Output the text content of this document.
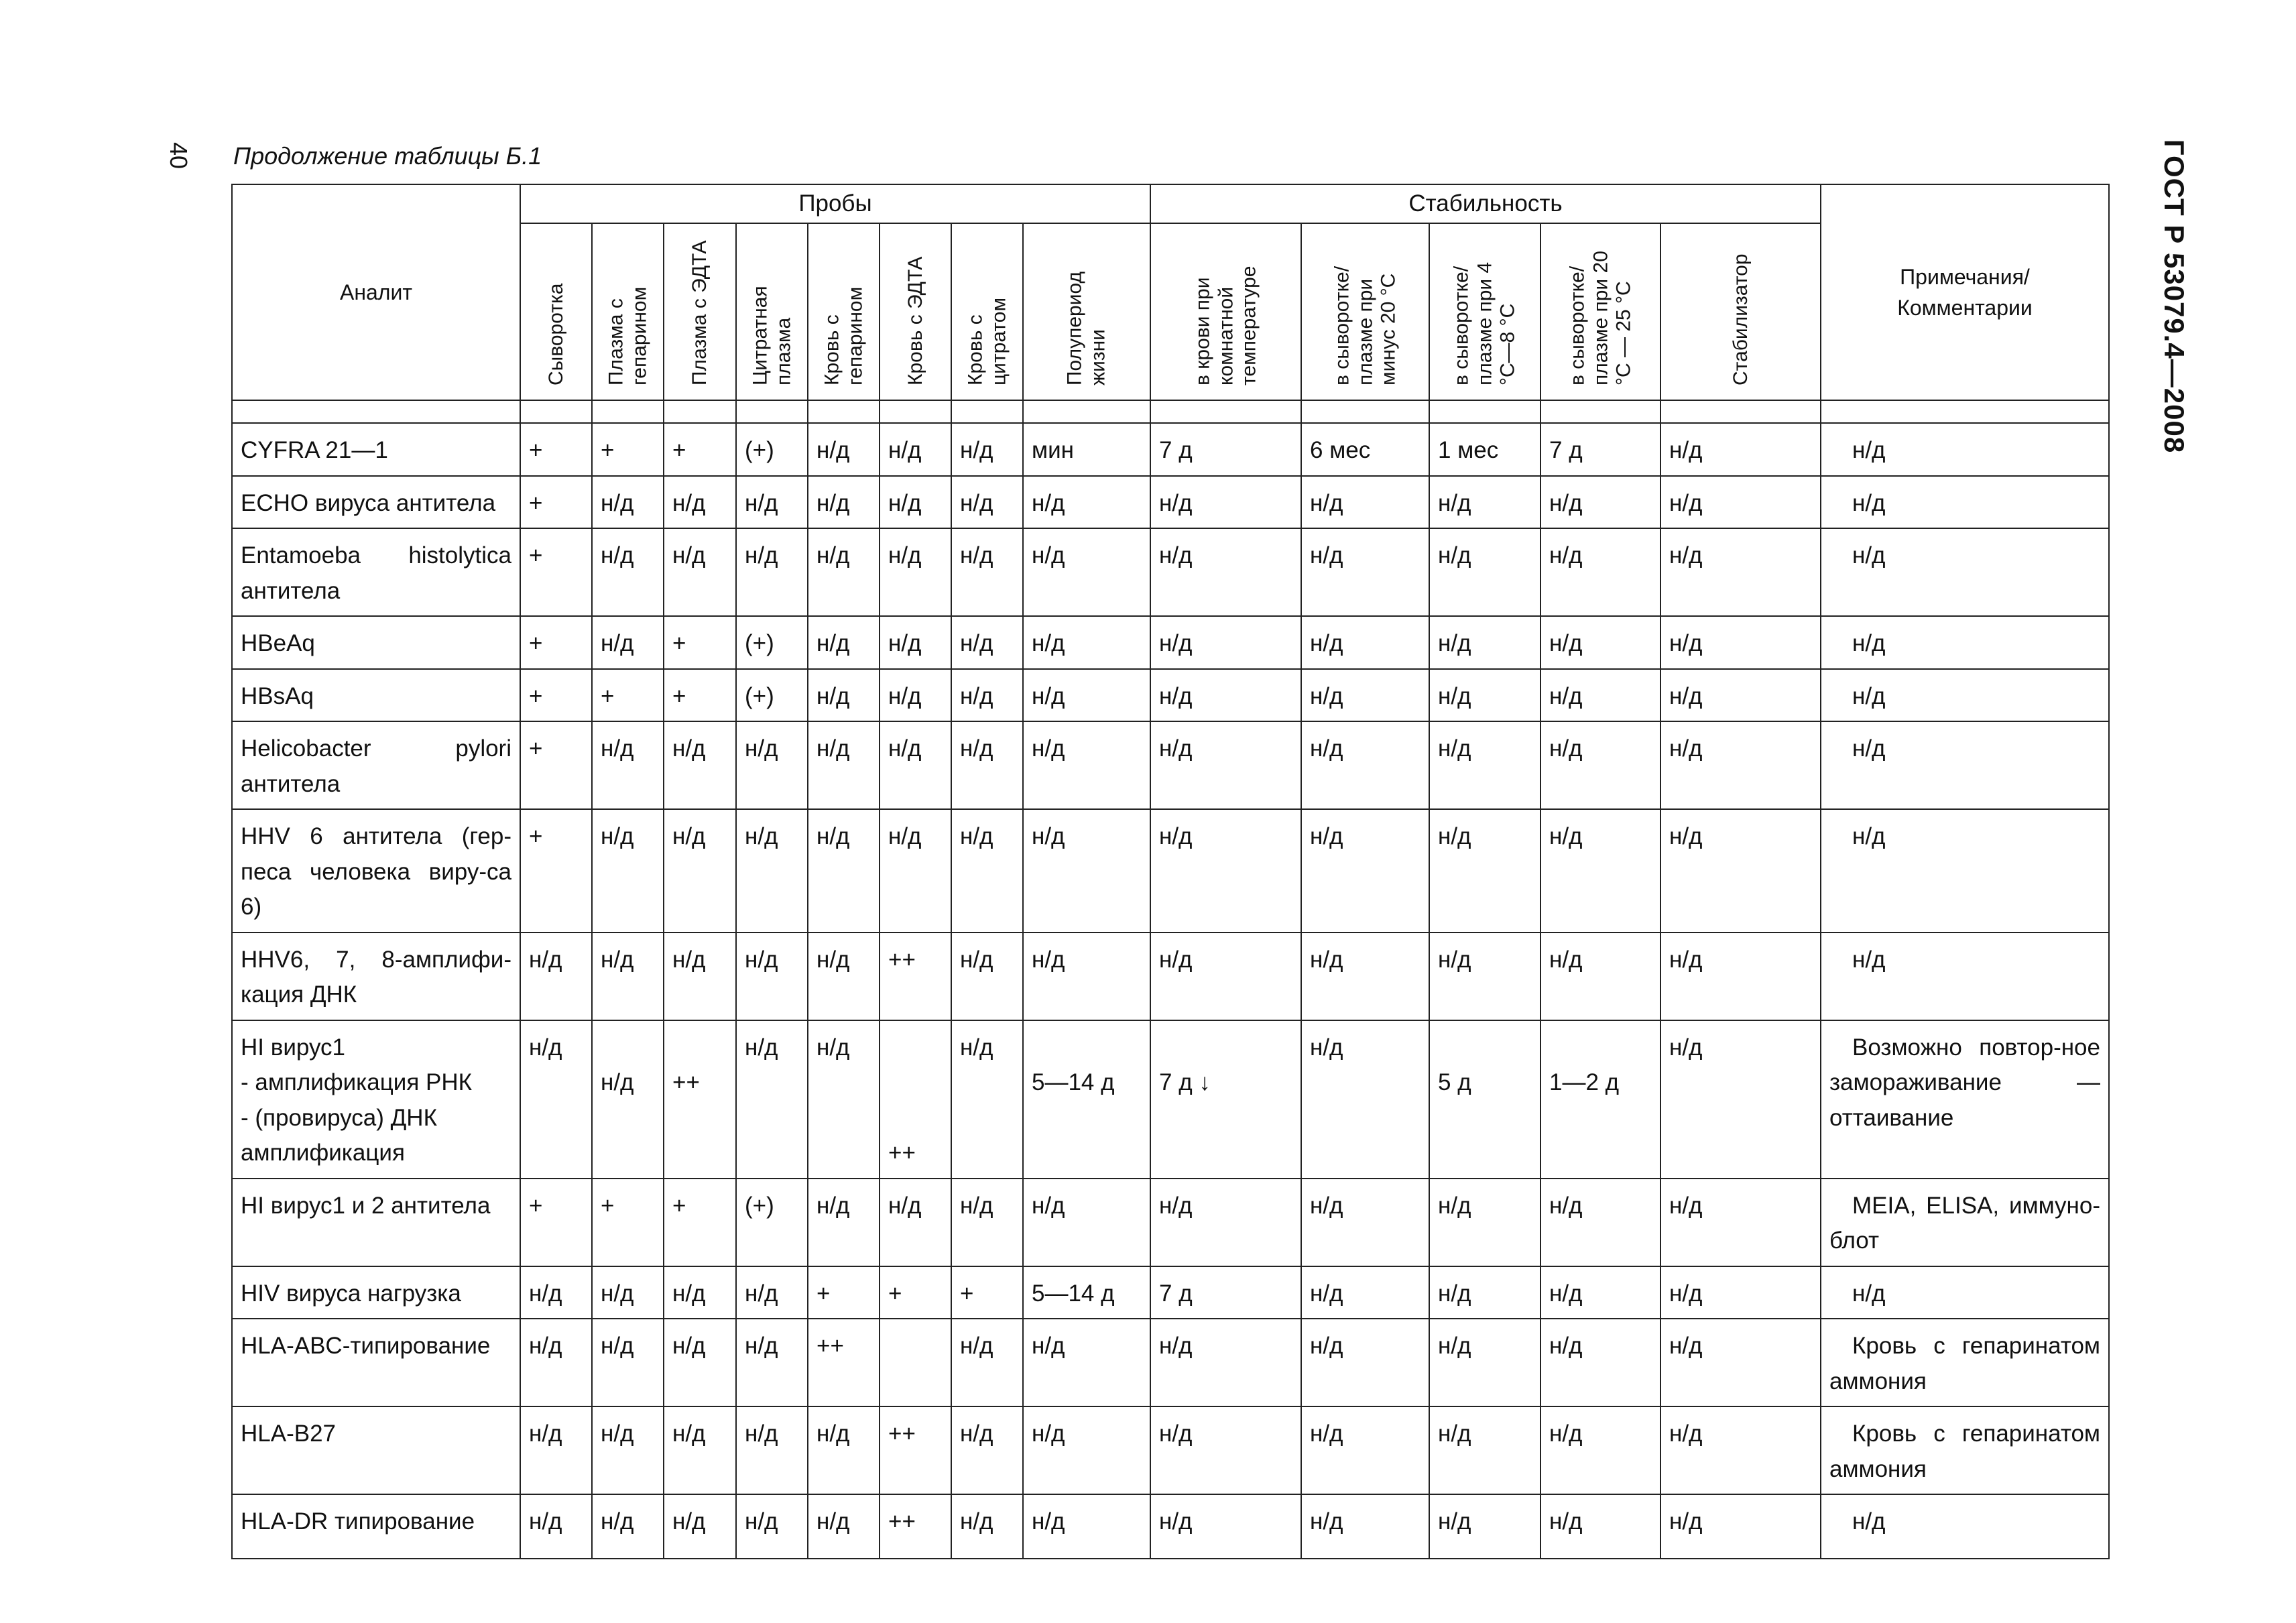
40 Продолжение таблицы Б.1	ГОСТ Р 53079.4—2008
Аналит	Пробы								Стабильность					Примечания/ Комментарии

	Сыворотка	Плазма с гепарином	Плазма с ЭДТА	Цитратная плазма	Кровь с гепарином	Кровь с ЭДТА	Кровь с цитратом	Полупериод жизни	в крови при комнатной температуре	в сыворотке/ плазме при минус 20 °С	в сыворотке/ плазме при 4 °С—8 °С	в сыворотке/ плазме при 20 °С — 25 °С	Стабилизатор	

CYFRA 21—1	+	+	+	(+)	н/д	н/д	н/д	мин	7 д	6 мес	1 мес	7 д	н/д	н/д
ECHO вируса антитела	+	н/д	н/д	н/д	н/д	н/д	н/д	н/д	н/д	н/д	н/д	н/д	н/д	н/д
Entamoeba histolytica антитела	+	н/д	н/д	н/д	н/д	н/д	н/д	н/д	н/д	н/д	н/д	н/д	н/д	н/д
HBeAq	+	н/д	+	(+)	н/д	н/д	н/д	н/д	н/д	н/д	н/д	н/д	н/д	н/д
HBsAq	+	+	+	(+)	н/д	н/д	н/д	н/д	н/д	н/д	н/д	н/д	н/д	н/д
Helicobacter pylori антитела	+	н/д	н/д	н/д	н/д	н/д	н/д	н/д	н/д	н/д	н/д	н/д	н/д	н/д
HHV 6 антитела (гер-песа человека виру-са 6)	+	н/д	н/д	н/д	н/д	н/д	н/д	н/д	н/д	н/д	н/д	н/д	н/д	н/д
HHV6, 7, 8-амплифи-кация ДНК	н/д	н/д	н/д	н/д	н/д	++	н/д	н/д	н/д	н/д	н/д	н/д	н/д	н/д

HI вирус1
- амплификация РНК
- (провируса) ДНК
амплификация	н/д	н/д	++	н/д	н/д	++	н/д	5—14 д	7 д ↓	н/д	5 д	1—2 д	н/д	Возможно повтор-ное замораживание — оттаивание
HI вирус1 и 2 антитела	+	+	+	(+)	н/д	н/д	н/д	н/д	н/д	н/д	н/д	н/д	н/д	MEIA, ELISA, иммуно-блот
HIV вируса нагрузка	н/д	н/д	н/д	н/д	+	+	+	5—14 д	7 д	н/д	н/д	н/д	н/д	н/д
HLA-ABC-типирование	н/д	н/д	н/д	н/д	++		н/д	н/д	н/д	н/д	н/д	н/д	н/д	Кровь с гепаринатом аммония
HLA-B27	н/д	н/д	н/д	н/д	н/д	++	н/д	н/д	н/д	н/д	н/д	н/д	н/д	Кровь с гепаринатом аммония
HLA-DR типирование	н/д	н/д	н/д	н/д	н/д	++	н/д	н/д	н/д	н/д	н/д	н/д	н/д	н/д
